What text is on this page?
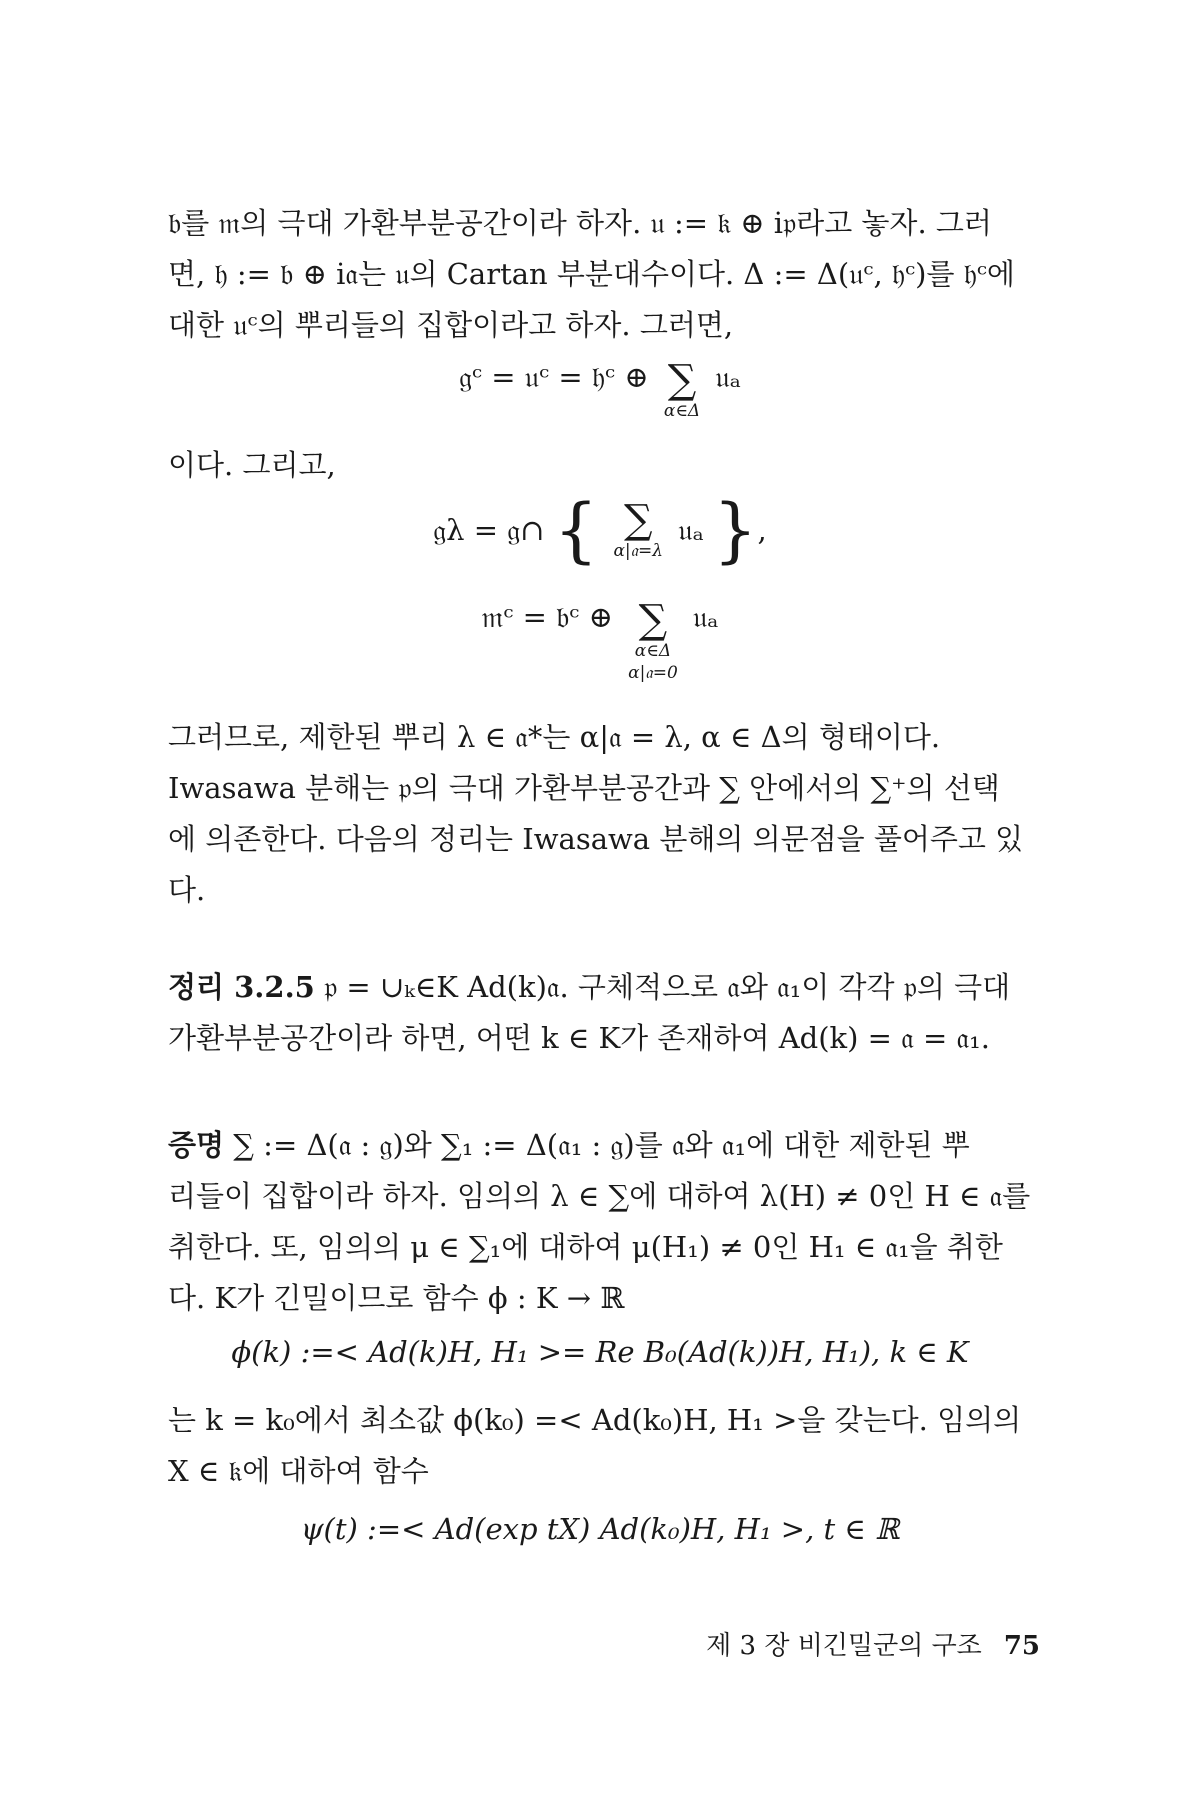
𝔟를 𝔪의 극대 가환부분공간이라 하자. 𝔲 := 𝔨 ⊕ i𝔭라고 놓자. 그러
면, 𝔥 := 𝔟 ⊕ i𝔞는 𝔲의 Cartan 부분대수이다. Δ := Δ(𝔲ᶜ, 𝔥ᶜ)를 𝔥ᶜ에
대한 𝔲ᶜ의 뿌리들의 집합이라고 하자. 그러면,
𝔤ᶜ = 𝔲ᶜ = 𝔥ᶜ ⊕ ∑
α∈Δ
𝔲ₐ
이다. 그리고,
𝔤λ = 𝔤∩ { ∑
α|𝔞=λ
𝔲ₐ },
𝔪ᶜ = 𝔟ᶜ ⊕ ∑
α∈Δ
α|𝔞=0
𝔲ₐ
그러므로, 제한된 뿌리 λ ∈ 𝔞*는 α|𝔞 = λ, α ∈ Δ의 형태이다.
Iwasawa 분해는 𝔭의 극대 가환부분공간과 ∑ 안에서의 ∑⁺의 선택
에 의존한다. 다음의 정리는 Iwasawa 분해의 의문점을 풀어주고 있
다.
정리 3.2.5 𝔭 = ∪ₖ∈K Ad(k)𝔞. 구체적으로 𝔞와 𝔞₁이 각각 𝔭의 극대
가환부분공간이라 하면, 어떤 k ∈ K가 존재하여 Ad(k) = 𝔞 = 𝔞₁.
증명 ∑ := Δ(𝔞 : 𝔤)와 ∑₁ := Δ(𝔞₁ : 𝔤)를 𝔞와 𝔞₁에 대한 제한된 뿌
리들이 집합이라 하자. 임의의 λ ∈ ∑에 대하여 λ(H) ≠ 0인 H ∈ 𝔞를
취한다. 또, 임의의 μ ∈ ∑₁에 대하여 μ(H₁) ≠ 0인 H₁ ∈ 𝔞₁을 취한
다. K가 긴밀이므로 함수 ϕ : K → ℝ
ϕ(k) :=< Ad(k)H, H₁ >= Re B₀(Ad(k))H, H₁), k ∈ K
는 k = k₀에서 최소값 ϕ(k₀) =< Ad(k₀)H, H₁ >을 갖는다. 임의의
X ∈ 𝔨에 대하여 함수
ψ(t) :=< Ad(exp tX) Ad(k₀)H, H₁ >, t ∈ ℝ
제 3 장 비긴밀군의 구조 75
